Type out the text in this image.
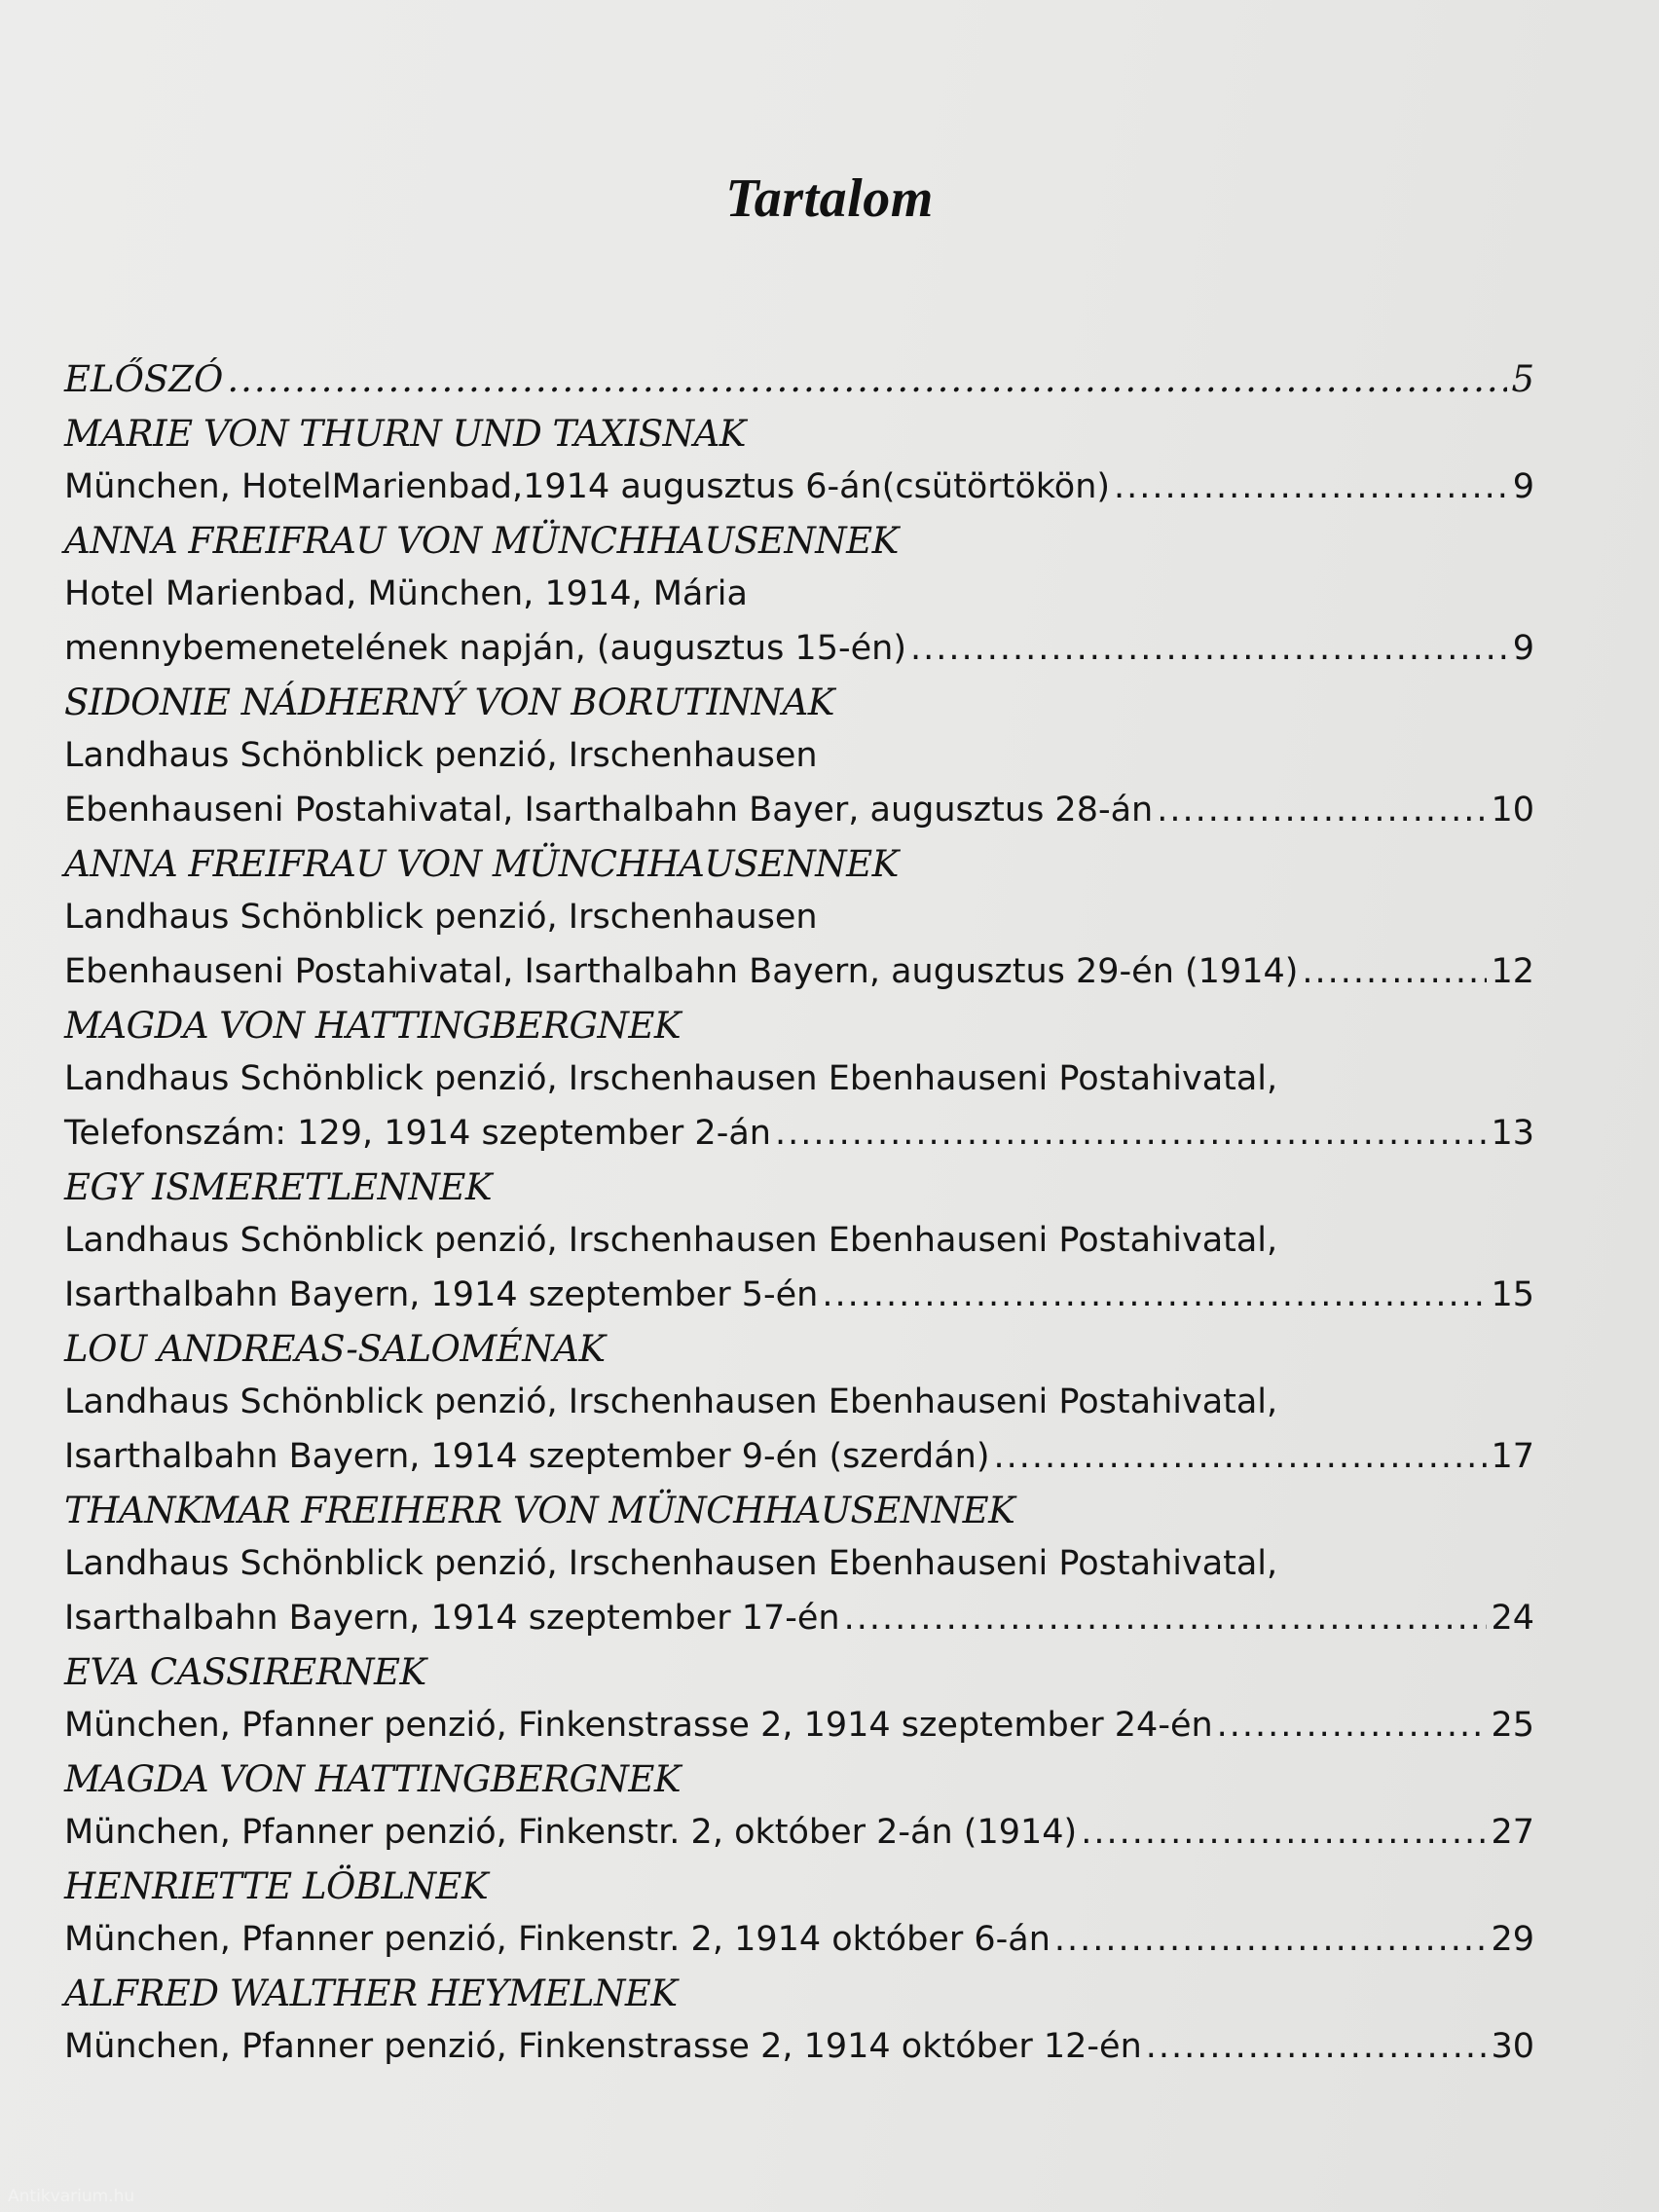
Tartalom
ELŐSZÓ .....	5
MARIE VON THURN UND TAXISNAK
München, HotelMarienbad,1914 augusztus 6-án(csütörtökön) .....	9
ANNA FREIFRAU VON MÜNCHHAUSENNEK
Hotel Marienbad, München, 1914, Mária
mennybemenetelének napján, (augusztus 15-én) .....	9
SIDONIE NÁDHERNÝ VON BORUTINNAK
Landhaus Schönblick penzió, Irschenhausen
Ebenhauseni Postahivatal, Isarthalbahn Bayer, augusztus 28-án .....	10
ANNA FREIFRAU VON MÜNCHHAUSENNEK
Landhaus Schönblick penzió, Irschenhausen
Ebenhauseni Postahivatal, Isarthalbahn Bayern, augusztus 29-én (1914) .....	12
MAGDA VON HATTINGBERGNEK
Landhaus Schönblick penzió, Irschenhausen Ebenhauseni Postahivatal,
Telefonszám: 129, 1914 szeptember 2-án .....	13
EGY ISMERETLENNEK
Landhaus Schönblick penzió, Irschenhausen Ebenhauseni Postahivatal,
Isarthalbahn Bayern, 1914 szeptember 5-én .....	15
LOU ANDREAS-SALOMÉNAK
Landhaus Schönblick penzió, Irschenhausen Ebenhauseni Postahivatal,
Isarthalbahn Bayern, 1914 szeptember 9-én (szerdán) .....	17
THANKMAR FREIHERR VON MÜNCHHAUSENNEK
Landhaus Schönblick penzió, Irschenhausen Ebenhauseni Postahivatal,
Isarthalbahn Bayern, 1914 szeptember 17-én .....	24
EVA CASSIRERNEK
München, Pfanner penzió, Finkenstrasse 2, 1914 szeptember 24-én .....	25
MAGDA VON HATTINGBERGNEK
München, Pfanner penzió, Finkenstr. 2, október 2-án (1914) .....	27
HENRIETTE LÖBLNEK
München, Pfanner penzió, Finkenstr. 2, 1914 október 6-án .....	29
ALFRED WALTHER HEYMELNEK
München, Pfanner penzió, Finkenstrasse 2, 1914 október 12-én .....	30
Antikvarium.hu
